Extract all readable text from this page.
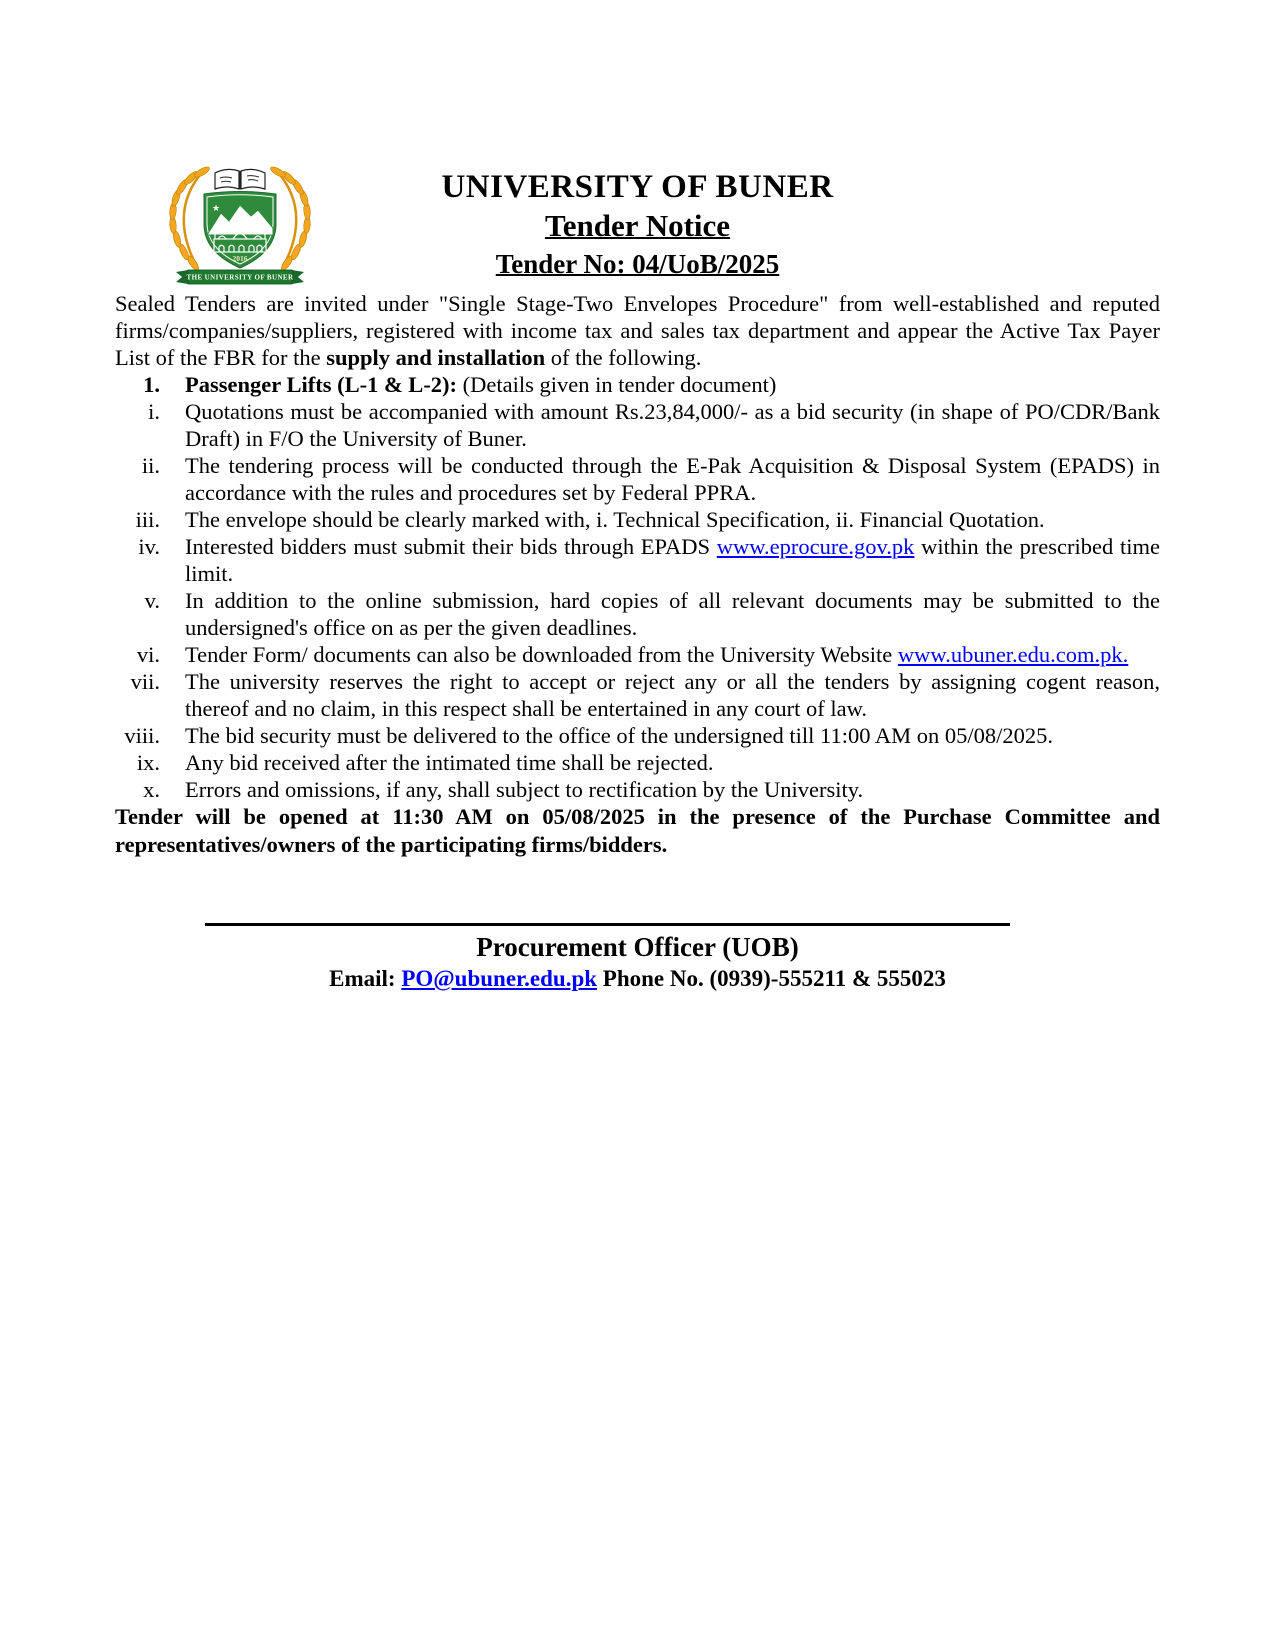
★
2016
THE UNIVERSITY OF BUNER
UNIVERSITY OF BUNER
Tender Notice
Tender No: 04/UoB/2025

Sealed Tenders are invited under "Single Stage-Two Envelopes Procedure" from well-established and reputed firms/companies/suppliers, registered with income tax and sales tax department and appear the Active Tax Payer List of the FBR for the supply and installation of the following.

1. Passenger Lifts (L-1 & L-2): (Details given in tender document)
i. Quotations must be accompanied with amount Rs.23,84,000/- as a bid security (in shape of PO/CDR/Bank Draft) in F/O the University of Buner.
ii. The tendering process will be conducted through the E-Pak Acquisition & Disposal System (EPADS) in accordance with the rules and procedures set by Federal PPRA.
iii. The envelope should be clearly marked with, i. Technical Specification, ii. Financial Quotation.
iv. Interested bidders must submit their bids through EPADS www.eprocure.gov.pk within the prescribed time limit.
v. In addition to the online submission, hard copies of all relevant documents may be submitted to the undersigned's office on as per the given deadlines.
vi. Tender Form/ documents can also be downloaded from the University Website www.ubuner.edu.com.pk.
vii. The university reserves the right to accept or reject any or all the tenders by assigning cogent reason, thereof and no claim, in this respect shall be entertained in any court of law.
viii. The bid security must be delivered to the office of the undersigned till 11:00 AM on 05/08/2025.
ix. Any bid received after the intimated time shall be rejected.
x. Errors and omissions, if any, shall subject to rectification by the University.

Tender will be opened at 11:30 AM on 05/08/2025 in the presence of the Purchase Committee and representatives/owners of the participating firms/bidders.

Procurement Officer (UOB)
Email: PO@ubuner.edu.pk Phone No. (0939)-555211 & 555023
